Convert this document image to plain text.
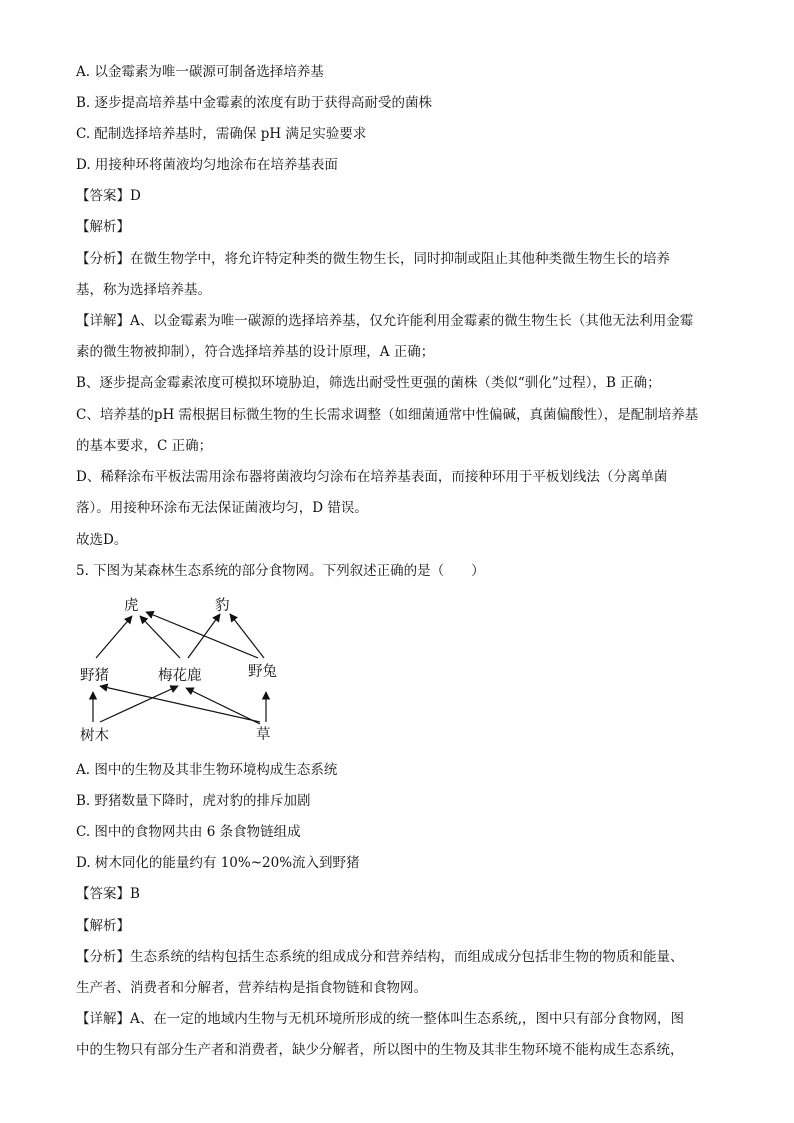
A. 以金霉素为唯一碳源可制备选择培养基
B. 逐步提高培养基中金霉素的浓度有助于获得高耐受的菌株
C. 配制选择培养基时，需确保 pH 满足实验要求
D. 用接种环将菌液均匀地涂布在培养基表面
【答案】D
【解析】
【分析】在微生物学中，将允许特定种类的微生物生长，同时抑制或阻止其他种类微生物生长的培养
基，称为选择培养基。
【详解】A、以金霉素为唯一碳源的选择培养基，仅允许能利用金霉素的微生物生长（其他无法利用金霉
素的微生物被抑制），符合选择培养基的设计原理，A 正确；
B、逐步提高金霉素浓度可模拟环境胁迫，筛选出耐受性更强的菌株（类似“驯化”过程），B 正确；
C、培养基的pH 需根据目标微生物的生长需求调整（如细菌通常中性偏碱，真菌偏酸性），是配制培养基
的基本要求，C 正确；
D、稀释涂布平板法需用涂布器将菌液均匀涂布在培养基表面，而接种环用于平板划线法（分离单菌
落）。用接种环涂布无法保证菌液均匀，D 错误。
故选D。
5. 下图为某森林生态系统的部分食物网。下列叙述正确的是（　　）
虎	豹
野猪	梅花鹿	野兔
树木	草
A. 图中的生物及其非生物环境构成生态系统
B. 野猪数量下降时，虎对豹的排斥加剧
C. 图中的食物网共由 6 条食物链组成
D. 树木同化的能量约有 10%~20%流入到野猪
【答案】B
【解析】
【分析】生态系统的结构包括生态系统的组成成分和营养结构，而组成成分包括非生物的物质和能量、
生产者、消费者和分解者，营养结构是指食物链和食物网。
【详解】A、在一定的地域内生物与无机环境所形成的统一整体叫生态系统,，图中只有部分食物网，图
中的生物只有部分生产者和消费者，缺少分解者，所以图中的生物及其非生物环境不能构成生态系统，
